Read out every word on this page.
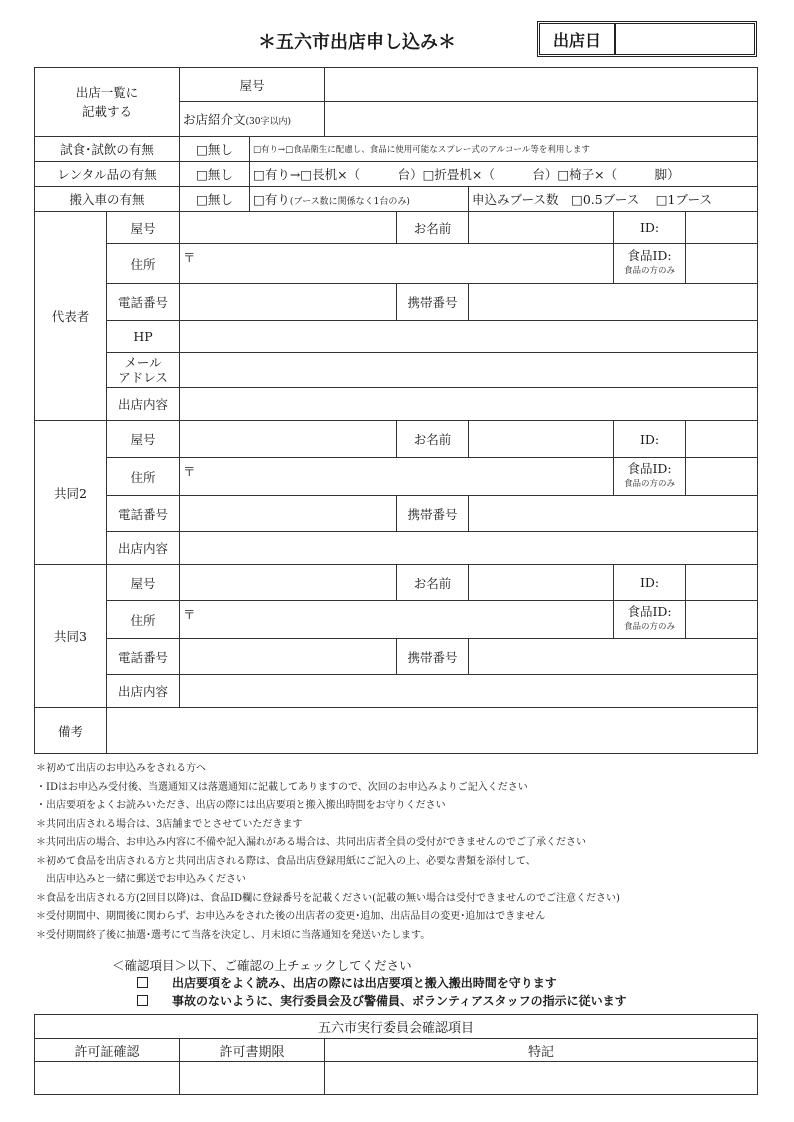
＊五六市出店申し込み＊	出店日
出店一覧に
記載する		屋号						
		お店紹介文(30字以内)						
試食･試飲の有無		□無し	□有り→□食品衛生に配慮し、食品に使用可能なスプレー式のアルコール等を利用します					
レンタル品の有無		□無し	□有り→□長机×（　　　台）□折畳机×（　　　台）□椅子×（　　　脚）					
搬入車の有無		□無し	□有り(ブース数に関係なく1台のみ)			申込みブース数　□0.5ブース　 □1ブース		
代表者	屋号				お名前		ID:	
	住所	〒					食品ID:
食品の方のみ	
	電話番号				携帯番号			
	HP							
	メール
アドレス							
	出店内容							
共同2	屋号				お名前		ID:	
	住所	〒					食品ID:
食品の方のみ	
	電話番号				携帯番号			
	出店内容							
共同3	屋号				お名前		ID:	
	住所	〒					食品ID:
食品の方のみ	
	電話番号				携帯番号			
	出店内容							
備考								
＊初めて出店のお申込みをされる方へ
・IDはお申込み受付後、当選通知又は落選通知に記載してありますので、次回のお申込みよりご記入ください
・出店要項をよくお読みいただき、出店の際には出店要項と搬入搬出時間をお守りください
＊共同出店される場合は、3店舗までとさせていただきます
＊共同出店の場合、お申込み内容に不備や記入漏れがある場合は、共同出店者全員の受付ができませんのでご了承ください
＊初めて食品を出店される方と共同出店される際は、食品出店登録用紙にご記入の上、必要な書類を添付して、
　出店申込みと一緒に郵送でお申込みください
＊食品を出店される方(2回目以降)は、食品ID欄に登録番号を記載ください(記載の無い場合は受付できませんのでご注意ください)
＊受付期間中、期間後に関わらず、お申込みをされた後の出店者の変更･追加、出店品目の変更･追加はできません
＊受付期間終了後に抽選･選考にて当落を決定し、月末頃に当落通知を発送いたします。
＜確認項目＞以下、ご確認の上チェックしてください
出店要項をよく読み、出店の際には出店要項と搬入搬出時間を守ります
事故のないように、実行委員会及び警備員、ボランティアスタッフの指示に従います
五六市実行委員会確認項目		
許可証確認	許可書期限	特記
